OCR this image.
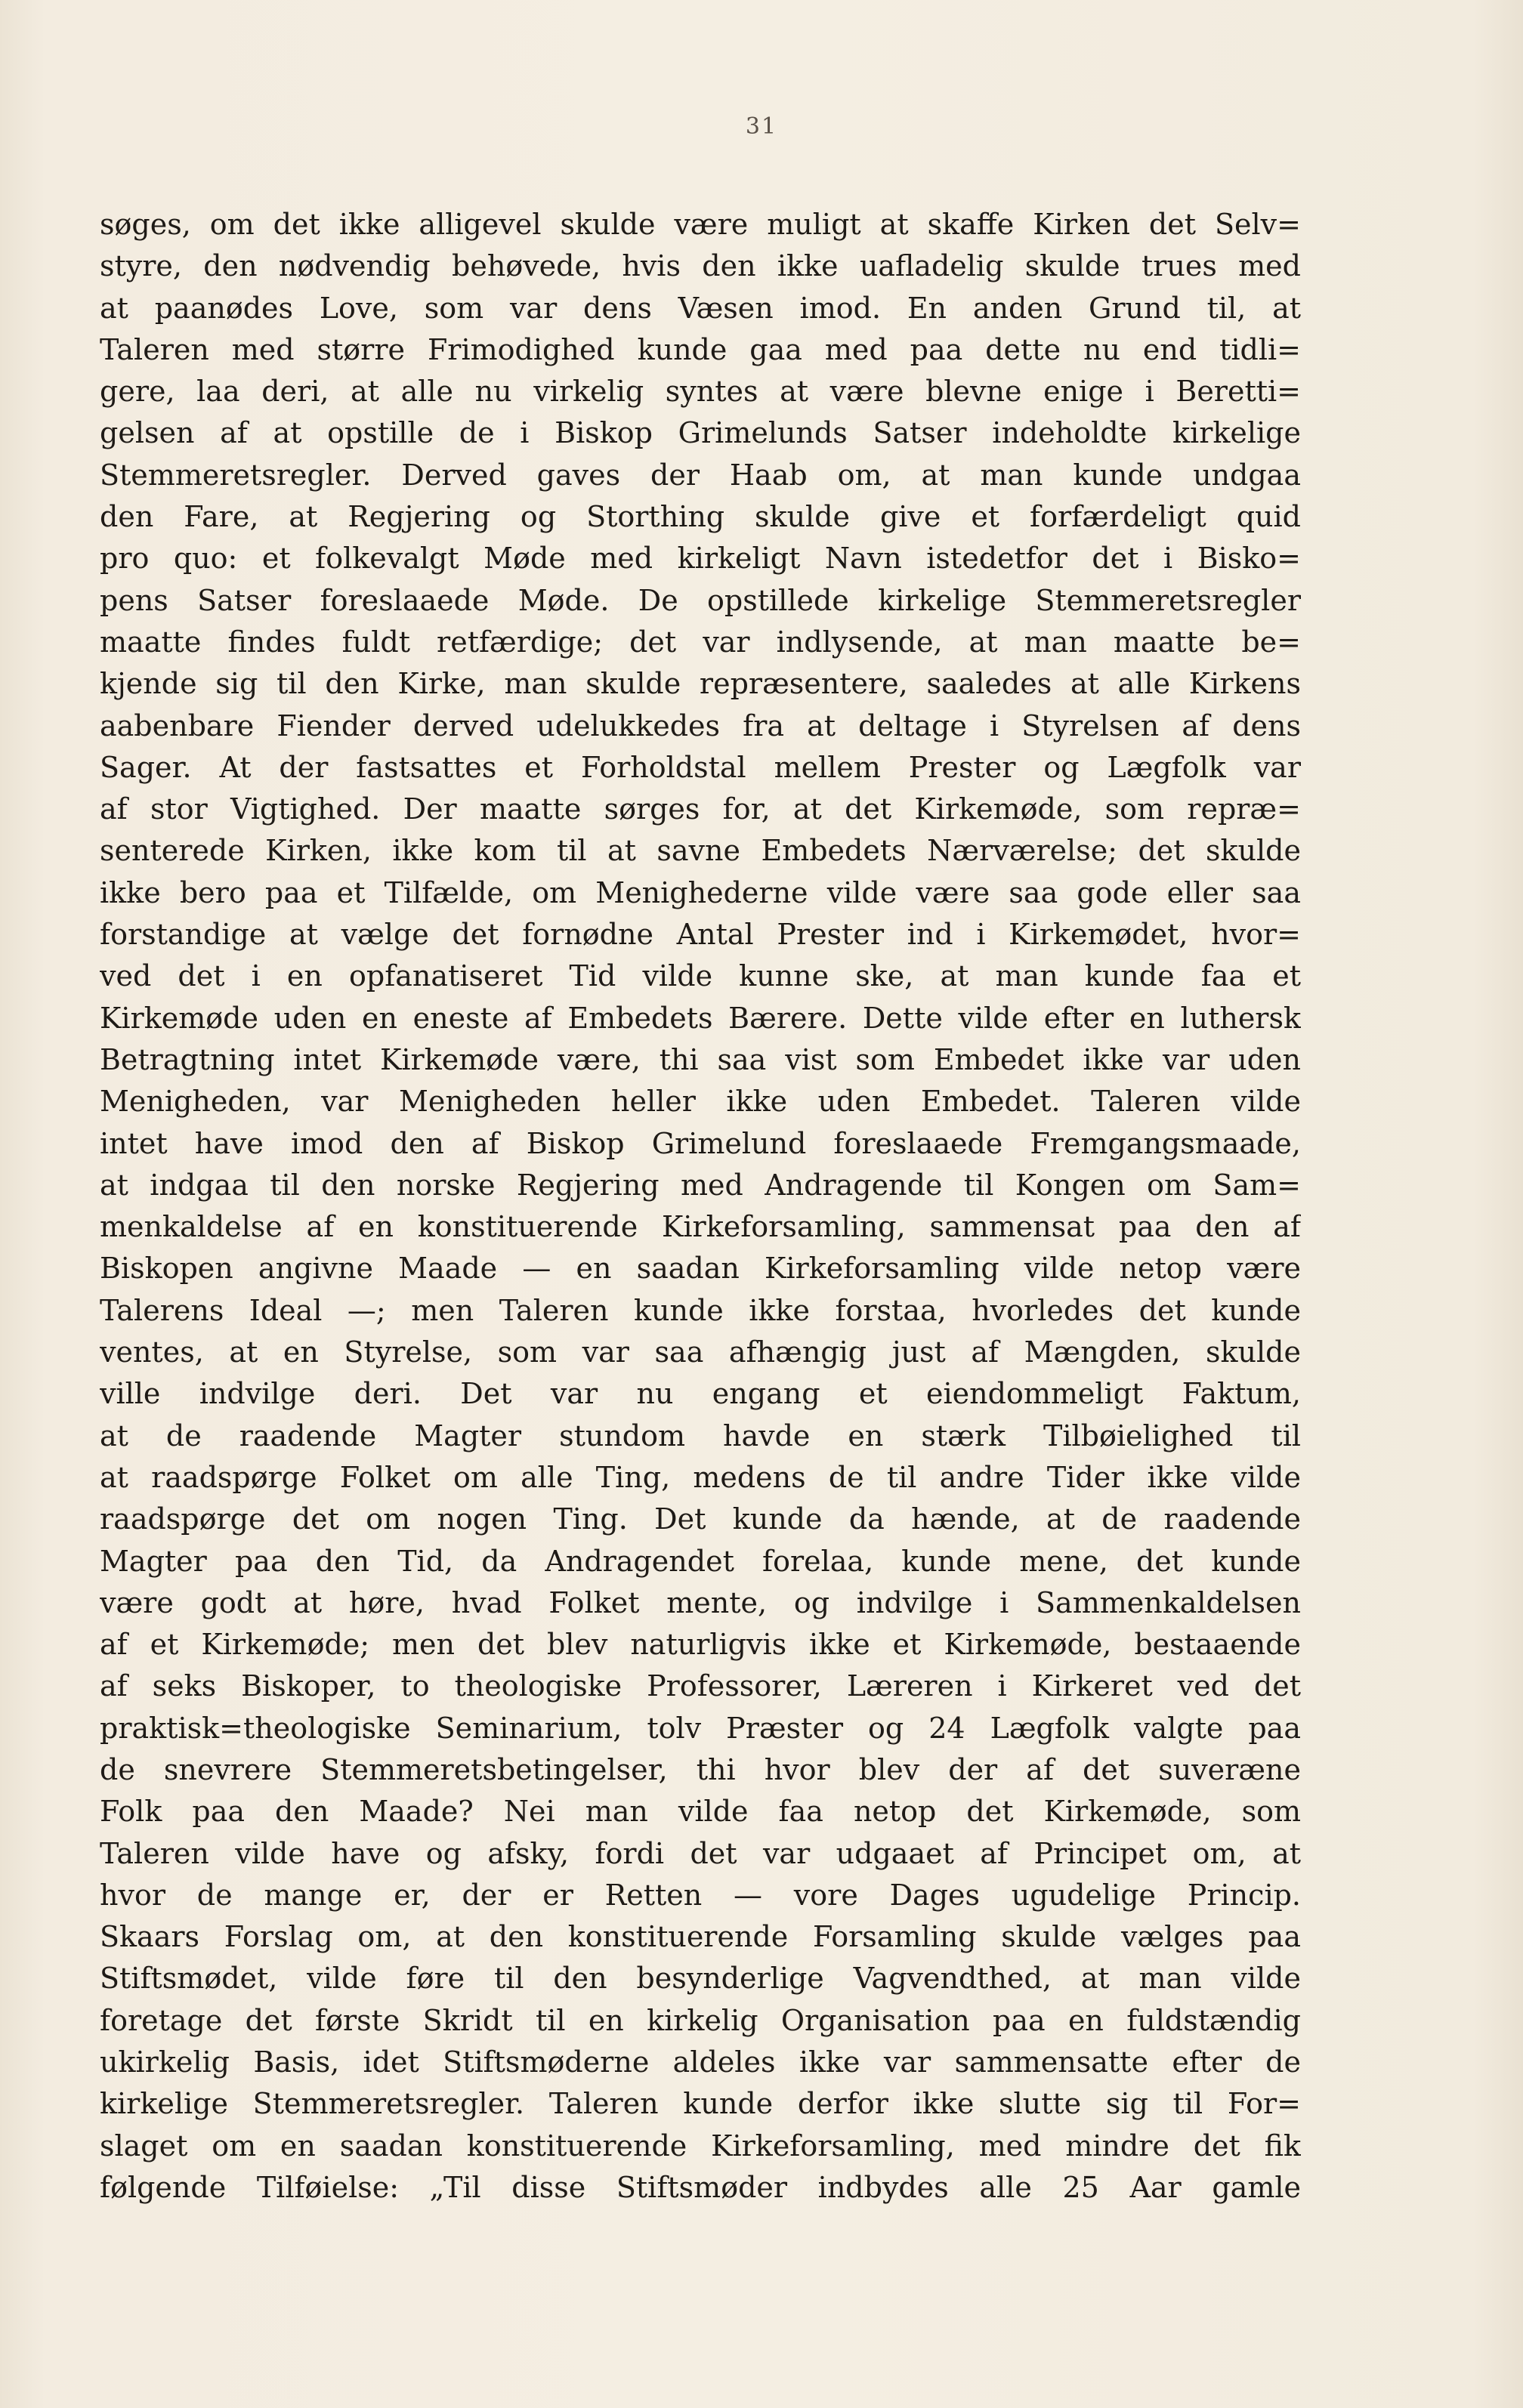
31
søges, om det ikke alligevel skulde være muligt at skaffe Kirken det Selv=
styre, den nødvendig behøvede, hvis den ikke uafladelig skulde trues med
at paanødes Love, som var dens Væsen imod. En anden Grund til, at
Taleren med større Frimodighed kunde gaa med paa dette nu end tidli=
gere, laa deri, at alle nu virkelig syntes at være blevne enige i Beretti=
gelsen af at opstille de i Biskop Grimelunds Satser indeholdte kirkelige
Stemmeretsregler. Derved gaves der Haab om, at man kunde undgaa
den Fare, at Regjering og Storthing skulde give et forfærdeligt quid
pro quo: et folkevalgt Møde med kirkeligt Navn istedetfor det i Bisko=
pens Satser foreslaaede Møde. De opstillede kirkelige Stemmeretsregler
maatte findes fuldt retfærdige; det var indlysende, at man maatte be=
kjende sig til den Kirke, man skulde repræsentere, saaledes at alle Kirkens
aabenbare Fiender derved udelukkedes fra at deltage i Styrelsen af dens
Sager. At der fastsattes et Forholdstal mellem Prester og Lægfolk var
af stor Vigtighed. Der maatte sørges for, at det Kirkemøde, som repræ=
senterede Kirken, ikke kom til at savne Embedets Nærværelse; det skulde
ikke bero paa et Tilfælde, om Menighederne vilde være saa gode eller saa
forstandige at vælge det fornødne Antal Prester ind i Kirkemødet, hvor=
ved det i en opfanatiseret Tid vilde kunne ske, at man kunde faa et
Kirkemøde uden en eneste af Embedets Bærere. Dette vilde efter en luthersk
Betragtning intet Kirkemøde være, thi saa vist som Embedet ikke var uden
Menigheden, var Menigheden heller ikke uden Embedet. Taleren vilde
intet have imod den af Biskop Grimelund foreslaaede Fremgangsmaade,
at indgaa til den norske Regjering med Andragende til Kongen om Sam=
menkaldelse af en konstituerende Kirkeforsamling, sammensat paa den af
Biskopen angivne Maade — en saadan Kirkeforsamling vilde netop være
Talerens Ideal —; men Taleren kunde ikke forstaa, hvorledes det kunde
ventes, at en Styrelse, som var saa afhængig just af Mængden, skulde
ville indvilge deri. Det var nu engang et eiendommeligt Faktum,
at de raadende Magter stundom havde en stærk Tilbøielighed til
at raadspørge Folket om alle Ting, medens de til andre Tider ikke vilde
raadspørge det om nogen Ting. Det kunde da hænde, at de raadende
Magter paa den Tid, da Andragendet forelaa, kunde mene, det kunde
være godt at høre, hvad Folket mente, og indvilge i Sammenkaldelsen
af et Kirkemøde; men det blev naturligvis ikke et Kirkemøde, bestaaende
af seks Biskoper, to theologiske Professorer, Læreren i Kirkeret ved det
praktisk=theologiske Seminarium, tolv Præster og 24 Lægfolk valgte paa
de snevrere Stemmeretsbetingelser, thi hvor blev der af det suveræne
Folk paa den Maade? Nei man vilde faa netop det Kirkemøde, som
Taleren vilde have og afsky, fordi det var udgaaet af Principet om, at
hvor de mange er, der er Retten — vore Dages ugudelige Princip.
Skaars Forslag om, at den konstituerende Forsamling skulde vælges paa
Stiftsmødet, vilde føre til den besynderlige Vagvendthed, at man vilde
foretage det første Skridt til en kirkelig Organisation paa en fuldstændig
ukirkelig Basis, idet Stiftsmøderne aldeles ikke var sammensatte efter de
kirkelige Stemmeretsregler. Taleren kunde derfor ikke slutte sig til For=
slaget om en saadan konstituerende Kirkeforsamling, med mindre det fik
følgende Tilføielse: „Til disse Stiftsmøder indbydes alle 25 Aar gamle
